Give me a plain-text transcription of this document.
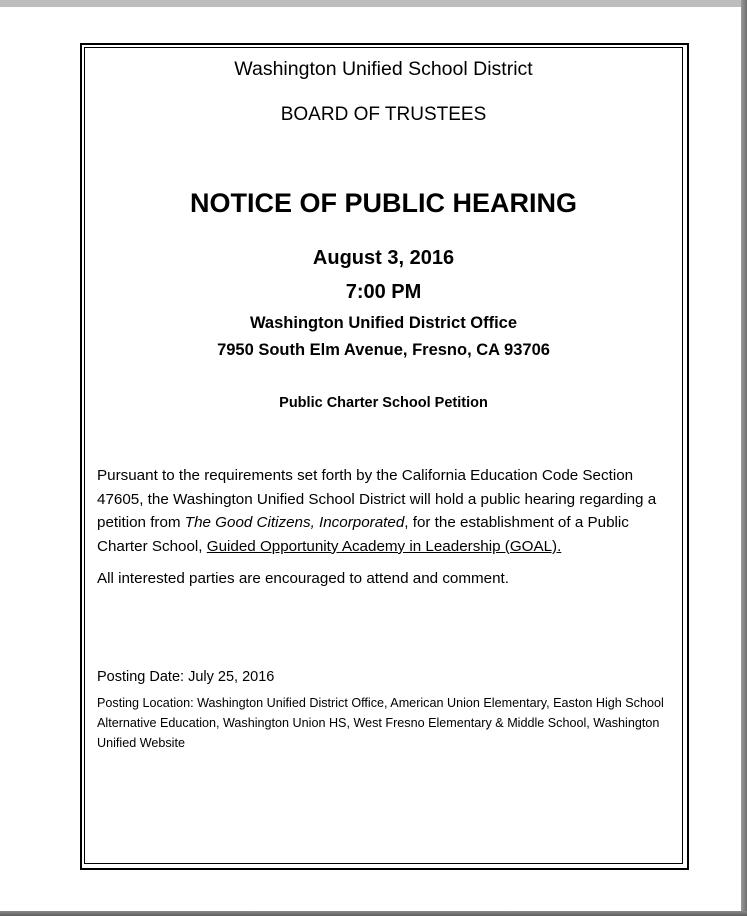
Washington Unified School District
BOARD OF TRUSTEES
NOTICE OF PUBLIC HEARING
August 3, 2016
7:00 PM
Washington Unified District Office
7950 South Elm Avenue, Fresno, CA 93706
Public Charter School Petition
Pursuant to the requirements set forth by the California Education Code Section 47605, the Washington Unified School District will hold a public hearing regarding a petition from The Good Citizens, Incorporated, for the establishment of a Public Charter School, Guided Opportunity Academy in Leadership (GOAL).
All interested parties are encouraged to attend and comment.
Posting Date: July 25, 2016
Posting Location: Washington Unified District Office, American Union Elementary, Easton High School Alternative Education, Washington Union HS, West Fresno Elementary & Middle School, Washington Unified Website
